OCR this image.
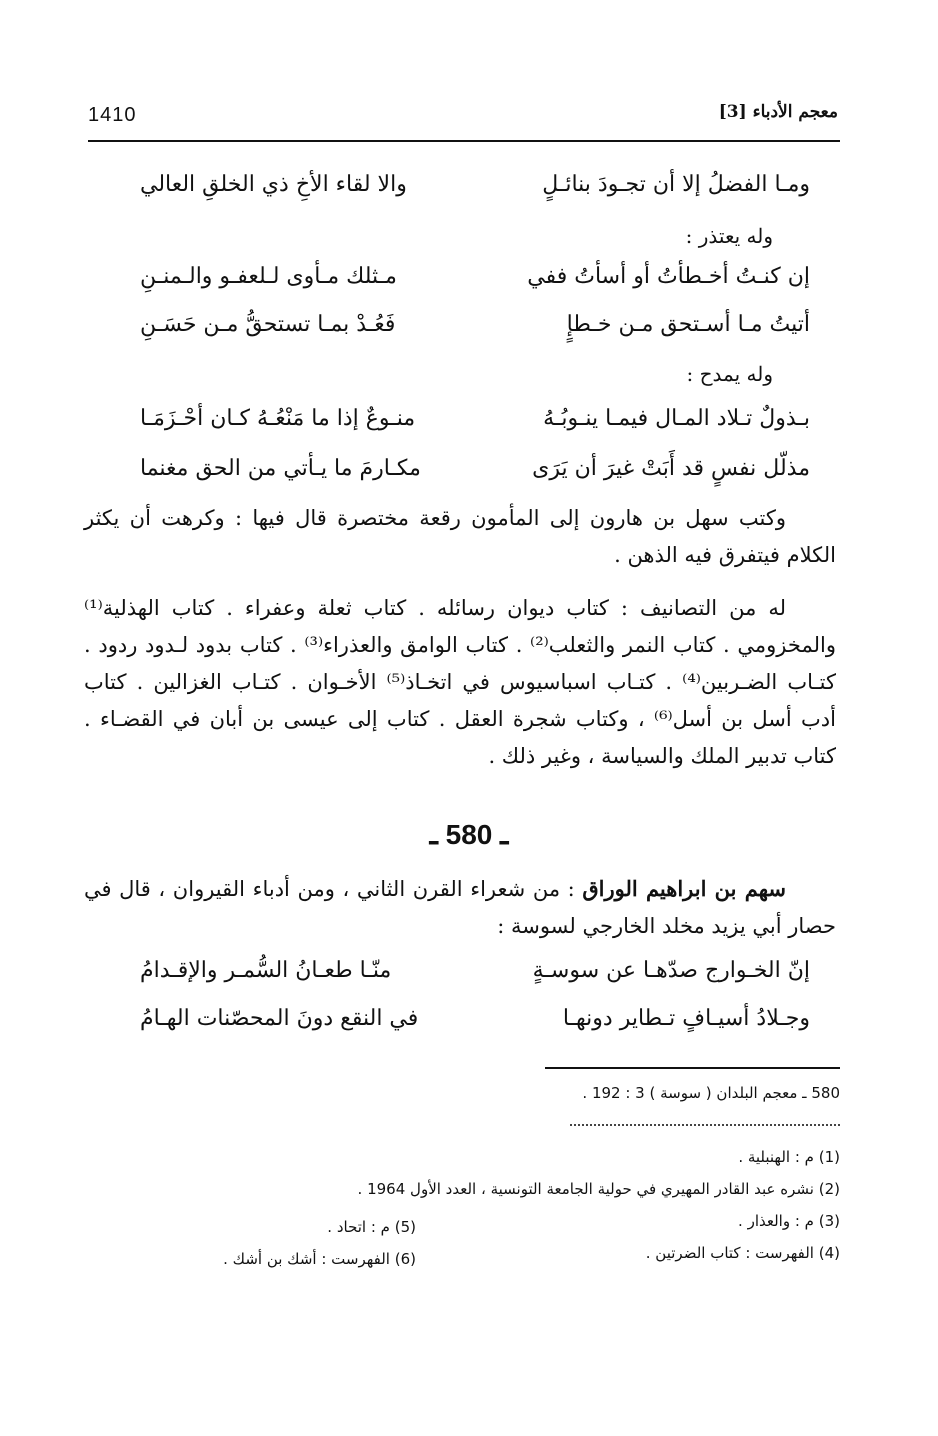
1410	معجم الأدباء [3]
ومـا الفضلُ إلا أن تجـودَ بنائـلٍ
والا لقاء الأخِ ذي الخلقِ العالي
وله يعتذر :
إن كنـتُ أخـطأتُ أو أسأتُ ففي
مـثلك مـأوى لـلعفـو والـمنـنِ
أتيتُ مـا أسـتحق مـن خـطإٍ
فَعُـدْ بمـا تستحقُّ مـن حَسَـنِ
وله يمدح :
بـذولٌ تـلاد المـال فيمـا ينـوبُـهُ
منـوعٌ إذا ما مَنْعُـهُ كـان أحْـزَمَـا
مذلّل نفسٍ قد أَبَتْ غيرَ أن يَرَى
مكـارمَ ما يـأتي من الحق مغنما
وكتب سهل بن هارون إلى المأمون رقعة مختصرة قال فيها : وكرهت أن يكثر الكلام فيتفرق فيه الذهن .
له من التصانيف : كتاب ديوان رسائله . كتاب ثعلة وعفراء . كتاب الهذلية⁽¹⁾ والمخزومي . كتاب النمر والثعلب⁽²⁾ . كتاب الوامق والعذراء⁽³⁾ . كتاب بدود لـدود ردود . كتـاب الضـربين⁽⁴⁾ . كتـاب اسباسيوس في اتخـاذ⁽⁵⁾ الأخـوان . كتـاب الغزالين . كتاب أدب أسل بن أسل⁽⁶⁾ ، وكتاب شجرة العقل . كتاب إلى عيسى بن أبان في القضـاء . كتاب تدبير الملك والسياسة ، وغير ذلك .
ـ 580 ـ
سهم بن ابراهيم الوراق : من شعراء القرن الثاني ، ومن أدباء القيروان ، قال في حصار أبي يزيد مخلد الخارجي لسوسة :
إنّ الخـوارج صدّهـا عن سوسـةٍ
منّـا طعـانُ السُّمـر والإقـدامُ
وجـلادُ أسيـافٍ تـطاير دونهـا
في النقع دونَ المحصّنات الهـامُ
580 ـ معجم البلدان ( سوسة ) 3 : 192 .
(1) م : الهنبلية .
(2) نشره عبد القادر المهيري في حولية الجامعة التونسية ، العدد الأول 1964 .
(3) م : والعذار .
(5) م : اتحاد .
(4) الفهرست : كتاب الضرتين .
(6) الفهرست : أشك بن أشك .
